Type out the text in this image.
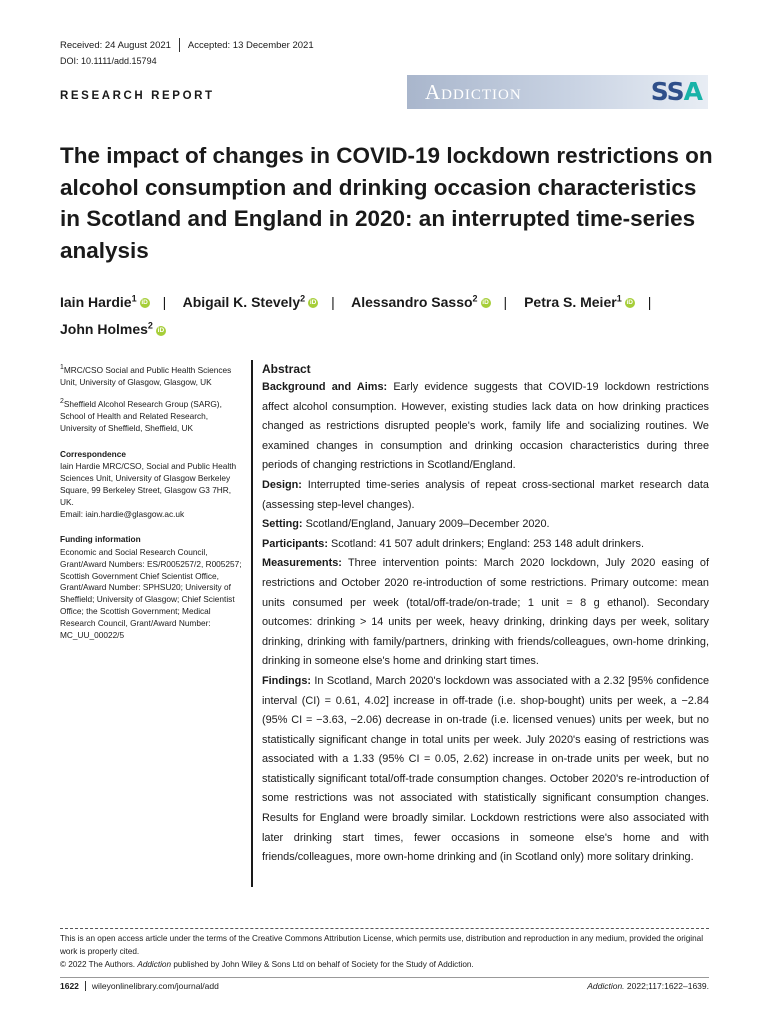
Received: 24 August 2021 Accepted: 13 December 2021
DOI: 10.1111/add.15794
RESEARCH REPORT	Addiction	SSA
The impact of changes in COVID-19 lockdown restrictions on alcohol consumption and drinking occasion characteristics in Scotland and England in 2020: an interrupted time-series analysis
Iain Hardie$^1$ iD | Abigail K. Stevely$^2$ iD | Alessandro Sasso$^2$ iD | Petra S. Meier$^1$ iD |
John Holmes$^2$ iD

$^1$MRC/CSO Social and Public Health Sciences Unit, University of Glasgow, Glasgow, UK

$^2$Sheffield Alcohol Research Group (SARG), School of Health and Related Research, University of Sheffield, Sheffield, UK

Correspondence
Iain Hardie MRC/CSO, Social and Public Health Sciences Unit, University of Glasgow Berkeley Square, 99 Berkeley Street, Glasgow G3 7HR, UK.
Email: iain.hardie@glasgow.ac.uk

Funding information
Economic and Social Research Council, Grant/Award Numbers: ES/R005257/2, R005257; Scottish Government Chief Scientist Office, Grant/Award Number: SPHSU20; University of Sheffield; University of Glasgow; Chief Scientist Office; the Scottish Government; Medical Research Council, Grant/Award Number: MC_UU_00022/5

Abstract

Background and Aims: Early evidence suggests that COVID-19 lockdown restrictions affect alcohol consumption. However, existing studies lack data on how drinking practices changed as restrictions disrupted people's work, family life and socializing routines. We examined changes in consumption and drinking occasion characteristics during three periods of changing restrictions in Scotland/England.

Design: Interrupted time-series analysis of repeat cross-sectional market research data (assessing step-level changes).

Setting: Scotland/England, January 2009–December 2020.

Participants: Scotland: 41 507 adult drinkers; England: 253 148 adult drinkers.

Measurements: Three intervention points: March 2020 lockdown, July 2020 easing of restrictions and October 2020 re-introduction of some restrictions. Primary outcome: mean units consumed per week (total/off-trade/on-trade; 1 unit = 8 g ethanol). Secondary outcomes: drinking > 14 units per week, heavy drinking, drinking days per week, solitary drinking, drinking with family/partners, drinking with friends/colleagues, own-home drinking, drinking in someone else's home and drinking start times.

Findings: In Scotland, March 2020's lockdown was associated with a 2.32 [95% confidence interval (CI) = 0.61, 4.02] increase in off-trade (i.e. shop-bought) units per week, a −2.84 (95% CI = −3.63, −2.06) decrease in on-trade (i.e. licensed venues) units per week, but no statistically significant change in total units per week. July 2020's easing of restrictions was associated with a 1.33 (95% CI = 0.05, 2.62) increase in on-trade units per week, but no statistically significant total/off-trade consumption changes. October 2020's re-introduction of some restrictions was not associated with statistically significant consumption changes. Results for England were broadly similar. Lockdown restrictions were also associated with later drinking start times, fewer occasions in someone else's home and with friends/colleagues, more own-home drinking and (in Scotland only) more solitary drinking.

This is an open access article under the terms of the Creative Commons Attribution License, which permits use, distribution and reproduction in any medium, provided the original work is properly cited.
© 2022 The Authors. Addiction published by John Wiley & Sons Ltd on behalf of Society for the Study of Addiction.
1622 wileyonlinelibrary.com/journal/add	Addiction. 2022;117:1622–1639.
